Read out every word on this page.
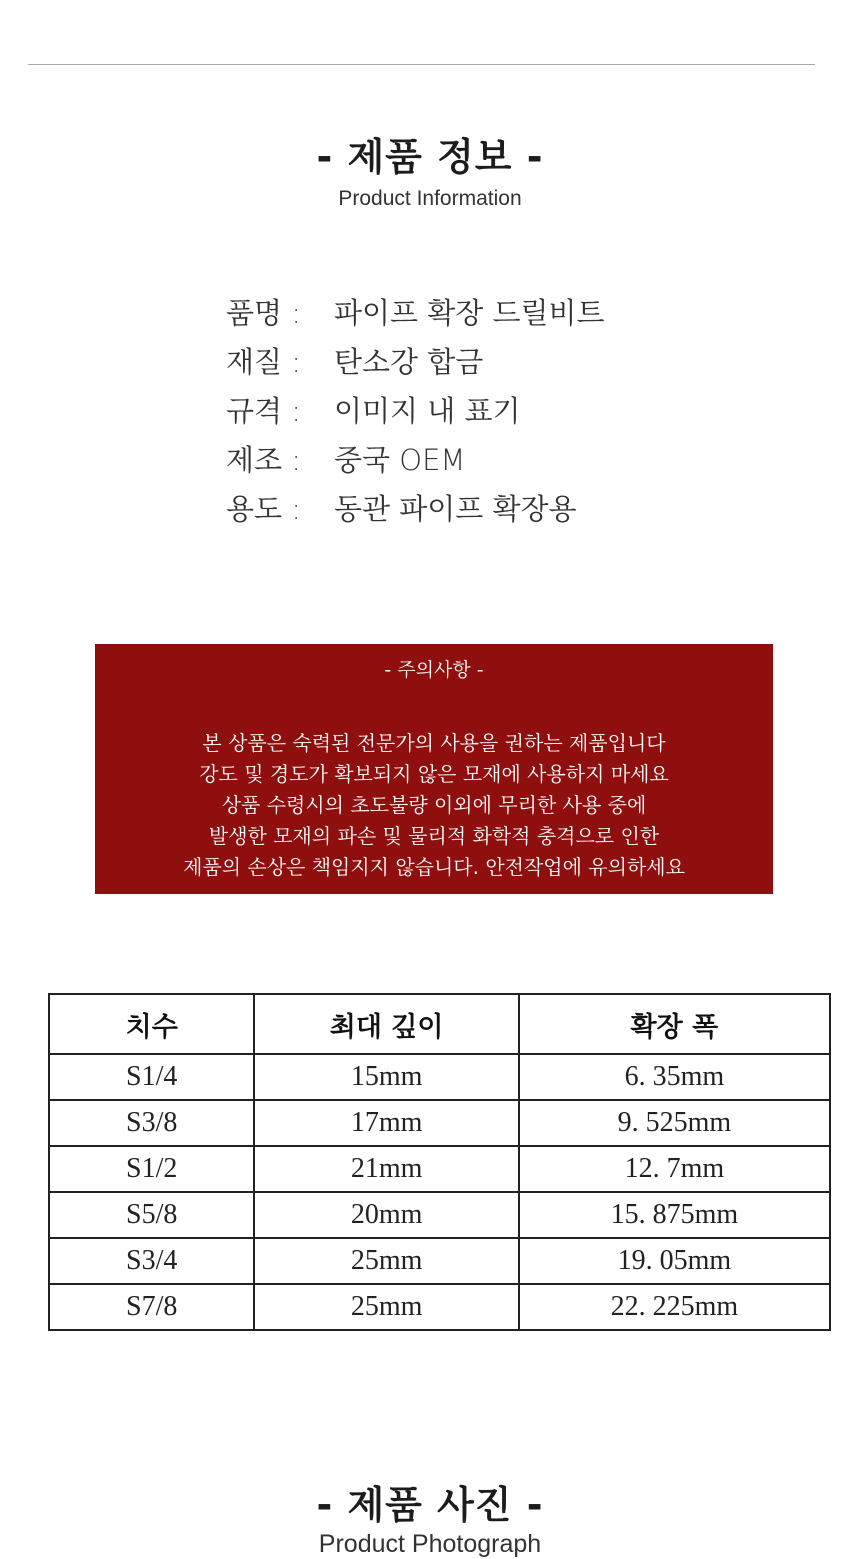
- 제품 정보 -
Product Information
품명 :	파이프 확장 드릴비트
재질 :	탄소강 합금
규격 :	이미지 내 표기
제조 :	중국 OEM
용도 :	동관 파이프 확장용
- 주의사항 -
본 상품은 숙력된 전문가의 사용을 권하는 제품입니다
강도 및 경도가 확보되지 않은 모재에 사용하지 마세요
상품 수령시의 초도불량 이외에 무리한 사용 중에
발생한 모재의 파손 및 물리적 화학적 충격으로 인한
제품의 손상은 책임지지 않습니다. 안전작업에 유의하세요
치수	최대 깊이	확장 폭
S1/4	15mm	6. 35mm
S3/8	17mm	9. 525mm
S1/2	21mm	12. 7mm
S5/8	20mm	15. 875mm
S3/4	25mm	19. 05mm
S7/8	25mm	22. 225mm
- 제품 사진 -
Product Photograph
